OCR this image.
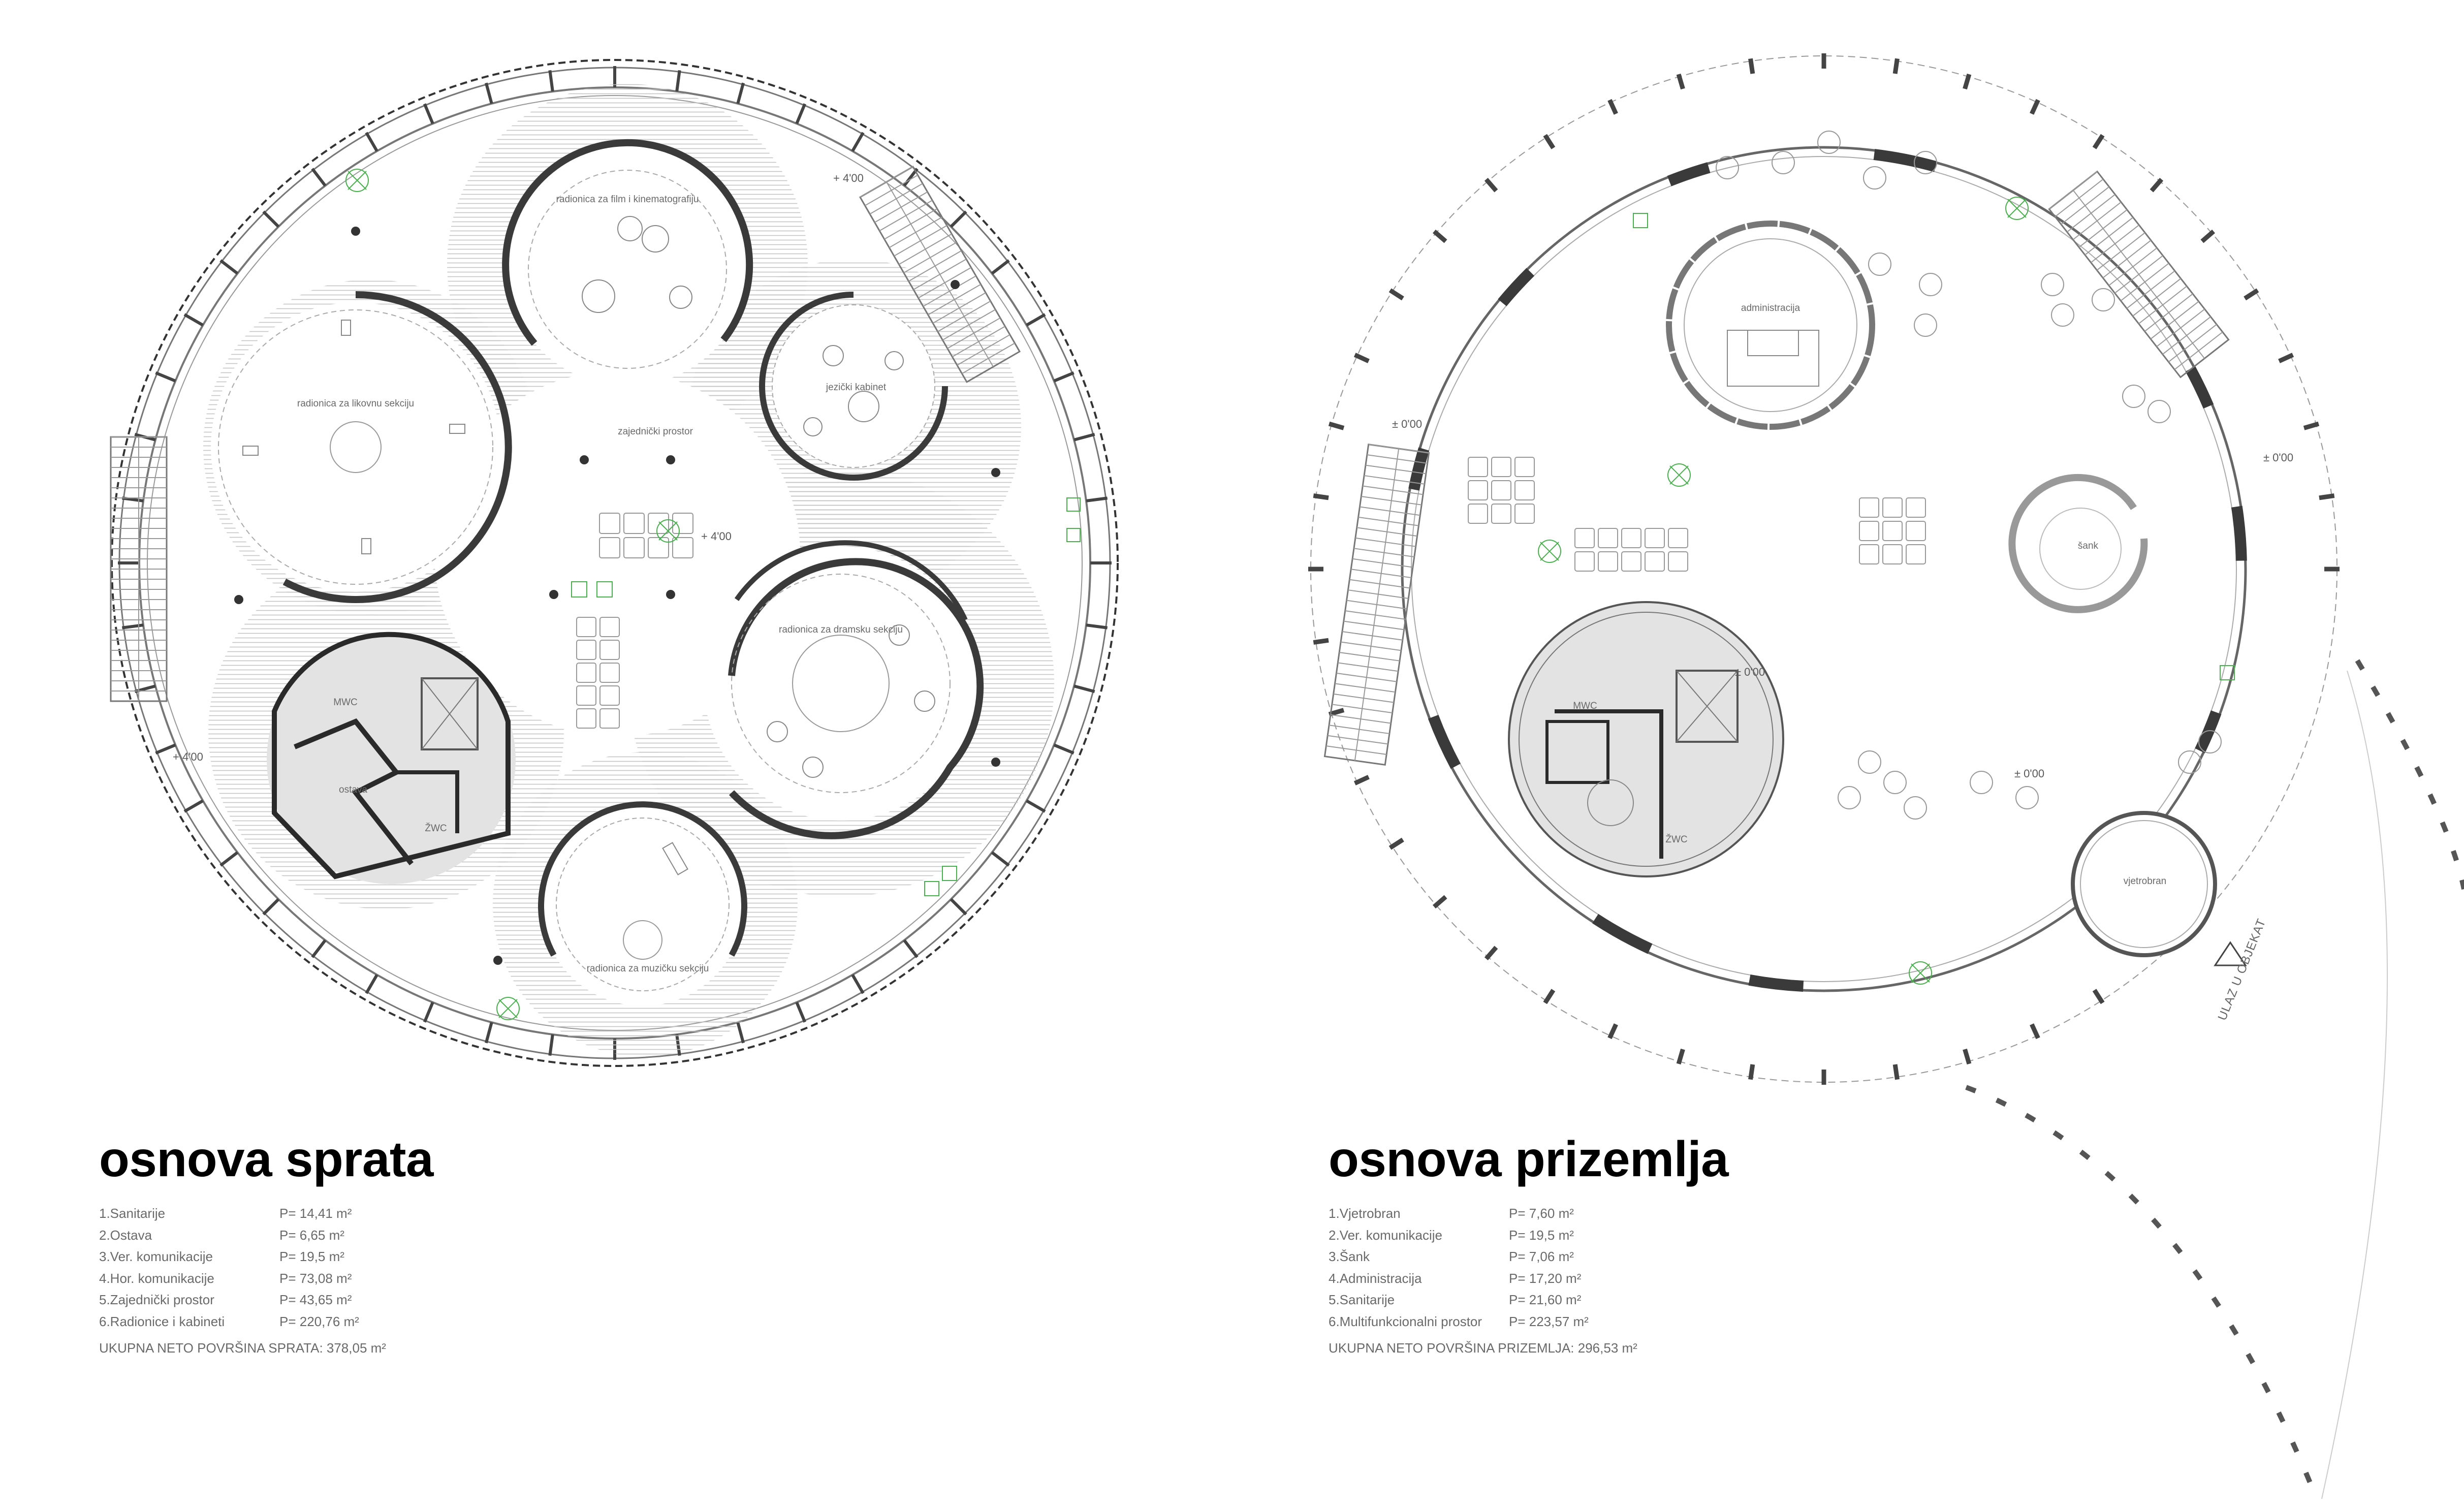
radionica za film i kinematografiju
radionica za likovnu sekciju
jezički kabinet
zajednički prostor
radionica za dramsku sekciju
radionica za muzičku sekciju
MWC
ostava
ŽWC
+ 4'00
+ 4'00
+ 4'00
administracija
šank
MWC
ŽWC
vjetrobran
± 0'00
± 0'00
± 0'00
± 0'00
ULAZ U OBJEKAT
osnova sprata
1.Sanitarije	P= 14,41 m²
2.Ostava	P= 6,65 m²
3.Ver. komunikacije	P= 19,5 m²
4.Hor. komunikacije	P= 73,08 m²
5.Zajednički prostor	P= 43,65 m²
6.Radionice i kabineti	P= 220,76 m²
UKUPNA NETO POVRŠINA SPRATA: 378,05 m²
osnova prizemlja
1.Vjetrobran	P= 7,60 m²
2.Ver. komunikacije	P= 19,5 m²
3.Šank	P= 7,06 m²
4.Administracija	P= 17,20 m²
5.Sanitarije	P= 21,60 m²
6.Multifunkcionalni prostor	P= 223,57 m²
UKUPNA NETO POVRŠINA PRIZEMLJA: 296,53 m²
